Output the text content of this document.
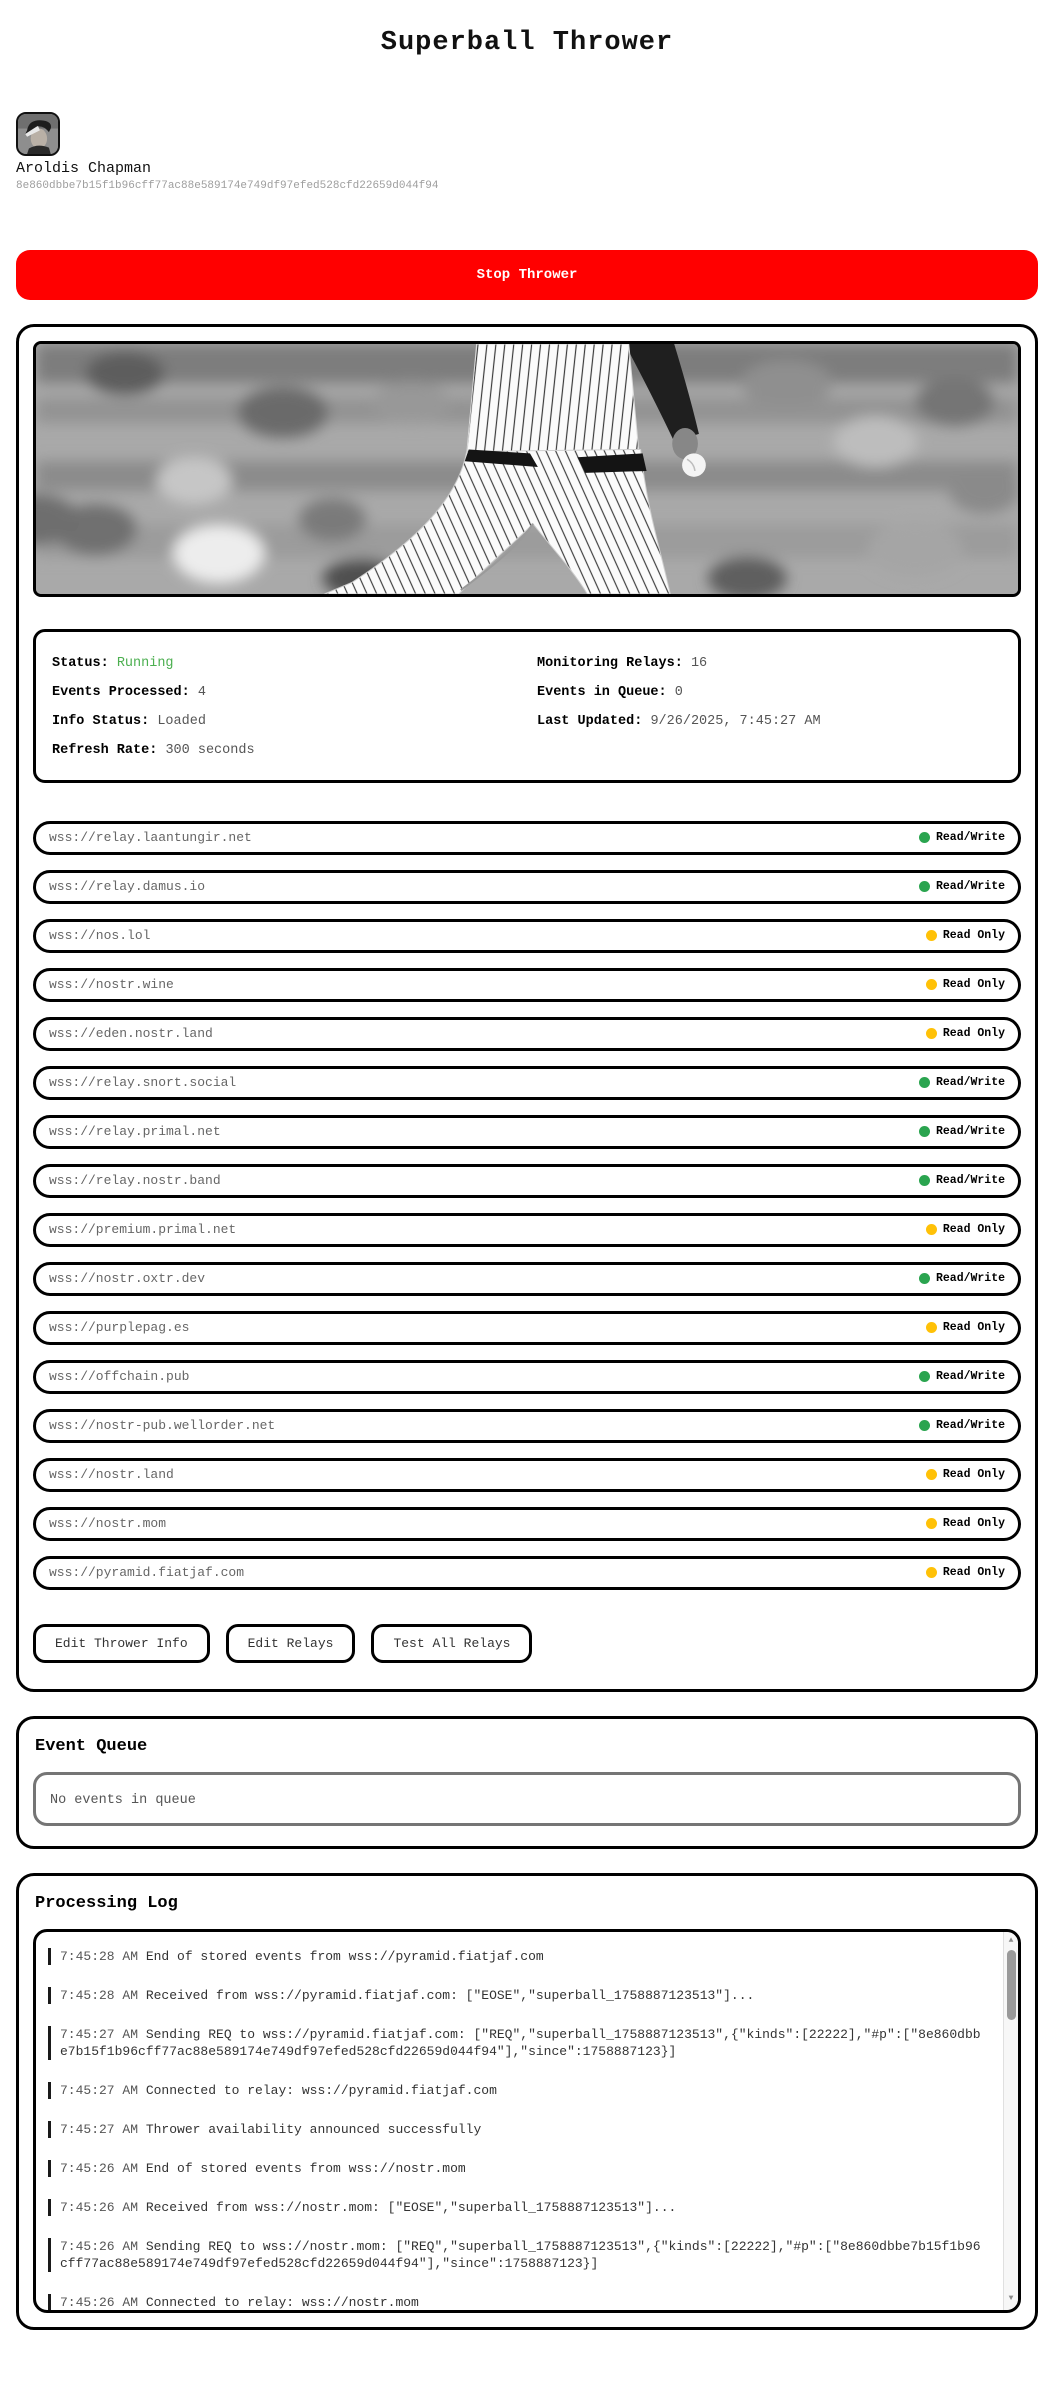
Superball Thrower
Aroldis Chapman
8e860dbbe7b15f1b96cff77ac88e589174e749df97efed528cfd22659d044f94
Stop Thrower

Status: Running

Events Processed: 4

Info Status: Loaded

Refresh Rate: 300 seconds

Monitoring Relays: 16

Events in Queue: 0

Last Updated: 9/26/2025, 7:45:27 AM

wss://relay.laantungir.net	Read/Write
wss://relay.damus.io	Read/Write
wss://nos.lol	Read Only
wss://nostr.wine	Read Only
wss://eden.nostr.land	Read Only
wss://relay.snort.social	Read/Write
wss://relay.primal.net	Read/Write
wss://relay.nostr.band	Read/Write
wss://premium.primal.net	Read Only
wss://nostr.oxtr.dev	Read/Write
wss://purplepag.es	Read Only
wss://offchain.pub	Read/Write
wss://nostr-pub.wellorder.net	Read/Write
wss://nostr.land	Read Only
wss://nostr.mom	Read Only
wss://pyramid.fiatjaf.com	Read Only
Edit Thrower Info	Edit Relays	Test All Relays
Event Queue
No events in queue
Processing Log
7:45:28 AM End of stored events from wss://pyramid.fiatjaf.com
7:45:28 AM Received from wss://pyramid.fiatjaf.com: ["EOSE","superball_1758887123513"]...
7:45:27 AM Sending REQ to wss://pyramid.fiatjaf.com: ["REQ","superball_1758887123513",{"kinds":[22222],"#p":["8e860dbbe7b15f1b96cff77ac88e589174e749df97efed528cfd22659d044f94"],"since":1758887123}]
7:45:27 AM Connected to relay: wss://pyramid.fiatjaf.com
7:45:27 AM Thrower availability announced successfully
7:45:26 AM End of stored events from wss://nostr.mom
7:45:26 AM Received from wss://nostr.mom: ["EOSE","superball_1758887123513"]...
7:45:26 AM Sending REQ to wss://nostr.mom: ["REQ","superball_1758887123513",{"kinds":[22222],"#p":["8e860dbbe7b15f1b96cff77ac88e589174e749df97efed528cfd22659d044f94"],"since":1758887123}]
7:45:26 AM Connected to relay: wss://nostr.mom
▲
▼
